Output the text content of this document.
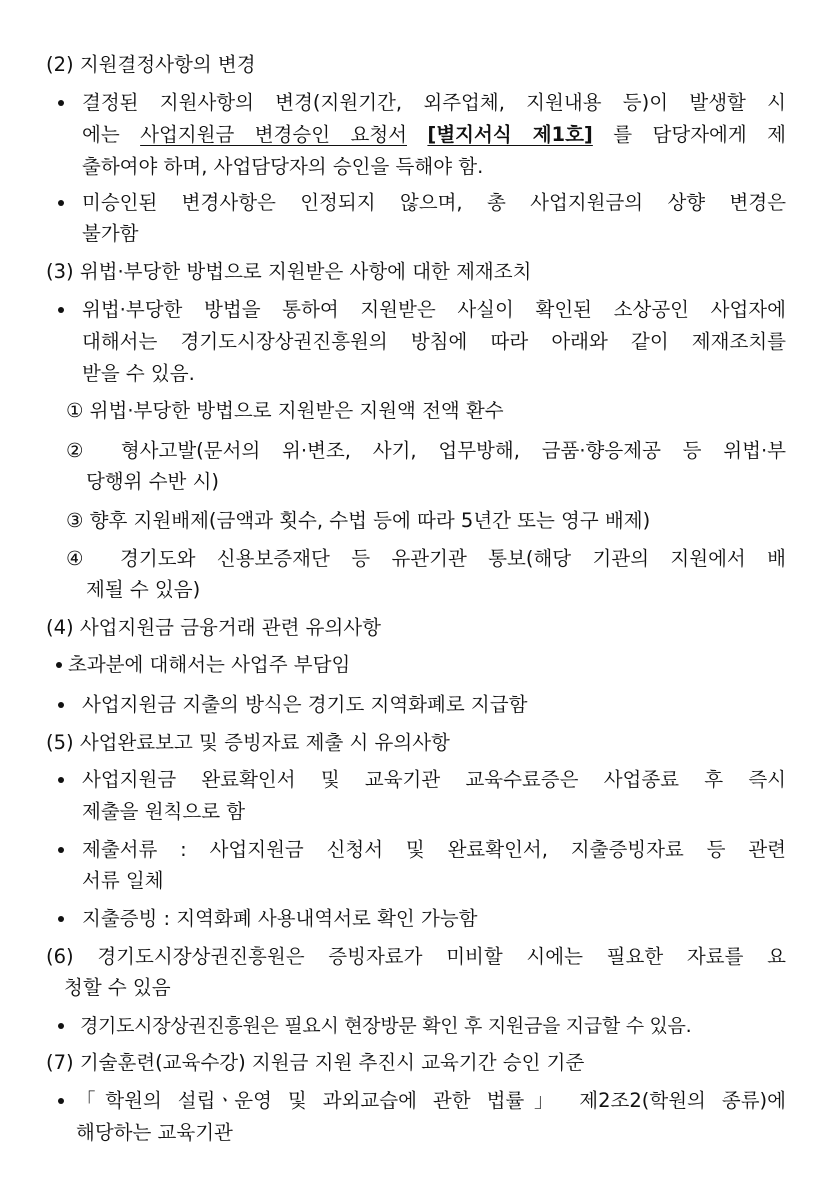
(2) 지원결정사항의 변경
결정된 지원사항의 변경(지원기간, 외주업체, 지원내용 등)이 발생할 시
에는 사업지원금 변경승인 요청서 [별지서식 제1호] 를 담당자에게 제
출하여야 하며, 사업담당자의 승인을 득해야 함.
미승인된 변경사항은 인정되지 않으며, 총 사업지원금의 상향 변경은
불가함
(3) 위법·부당한 방법으로 지원받은 사항에 대한 제재조치
위법·부당한 방법을 통하여 지원받은 사실이 확인된 소상공인 사업자에
대해서는 경기도시장상권진흥원의 방침에 따라 아래와 같이 제재조치를
받을 수 있음.
① 위법·부당한 방법으로 지원받은 지원액 전액 환수
② 형사고발(문서의 위·변조, 사기, 업무방해, 금품·향응제공 등 위법·부
당행위 수반 시)
③ 향후 지원배제(금액과 횟수, 수법 등에 따라 5년간 또는 영구 배제)
④ 경기도와 신용보증재단 등 유관기관 통보(해당 기관의 지원에서 배
제될 수 있음)
(4) 사업지원금 금융거래 관련 유의사항
초과분에 대해서는 사업주 부담임
사업지원금 지출의 방식은 경기도 지역화폐로 지급함
(5) 사업완료보고 및 증빙자료 제출 시 유의사항
사업지원금 완료확인서 및 교육기관 교육수료증은 사업종료 후 즉시
제출을 원칙으로 함
제출서류 : 사업지원금 신청서 및 완료확인서, 지출증빙자료 등 관련
서류 일체
지출증빙 : 지역화폐 사용내역서로 확인 가능함
(6) 경기도시장상권진흥원은 증빙자료가 미비할 시에는 필요한 자료를 요
청할 수 있음
경기도시장상권진흥원은 필요시 현장방문 확인 후 지원금을 지급할 수 있음.
(7) 기술훈련(교육수강) 지원금 지원 추진시 교육기간 승인 기준
「학원의 설립ㆍ운영 및 과외교습에 관한 법률」 제2조2(학원의 종류)에
해당하는 교육기관
